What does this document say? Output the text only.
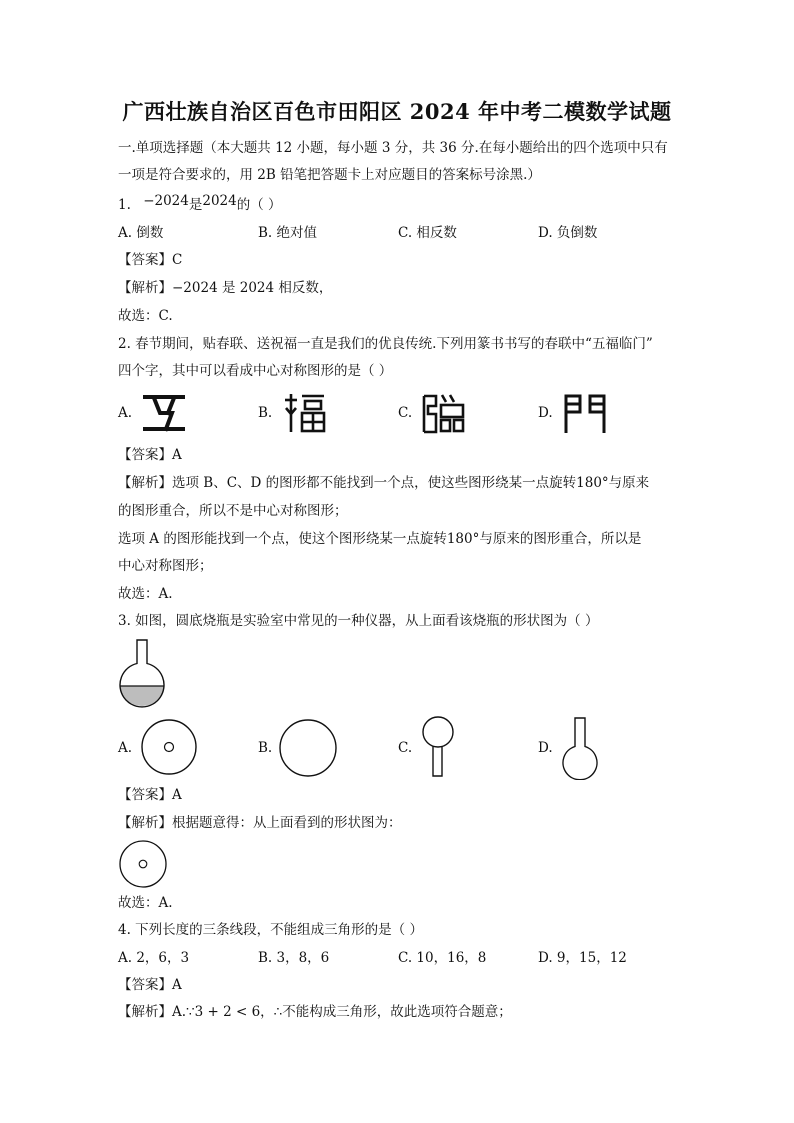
广西壮族自治区百色市田阳区 2024 年中考二模数学试题
一.单项选择题（本大题共 12 小题，每小题 3 分，共 36 分.在每小题给出的四个选项中只有
一项是符合要求的，用 2B 铅笔把答题卡上对应题目的答案标号涂黑.）
1. −2024是2024的（ ）
A. 倒数	B. 绝对值	C. 相反数	D. 负倒数
【答案】C
【解析】−2024 是 2024 相反数，
故选：C.
2. 春节期间，贴春联、送祝福一直是我们的优良传统.下列用篆书书写的春联中“五福临门”
四个字，其中可以看成中心对称图形的是（ ）
A.	B.	C.	D.
【答案】A
【解析】选项 B、C、D 的图形都不能找到一个点，使这些图形绕某一点旋转180°与原来
的图形重合，所以不是中心对称图形；
选项 A 的图形能找到一个点，使这个图形绕某一点旋转180°与原来的图形重合，所以是
中心对称图形；
故选：A.
3. 如图，圆底烧瓶是实验室中常见的一种仪器，从上面看该烧瓶的形状图为（ ）
A.	B.	C.	D.
【答案】A
【解析】根据题意得：从上面看到的形状图为：
故选：A.
4. 下列长度的三条线段，不能组成三角形的是（ ）
A. 2，6，3	B. 3，8，6	C. 10，16，8	D. 9，15，12
【答案】A
【解析】A.∵3 + 2 < 6，∴不能构成三角形，故此选项符合题意；
